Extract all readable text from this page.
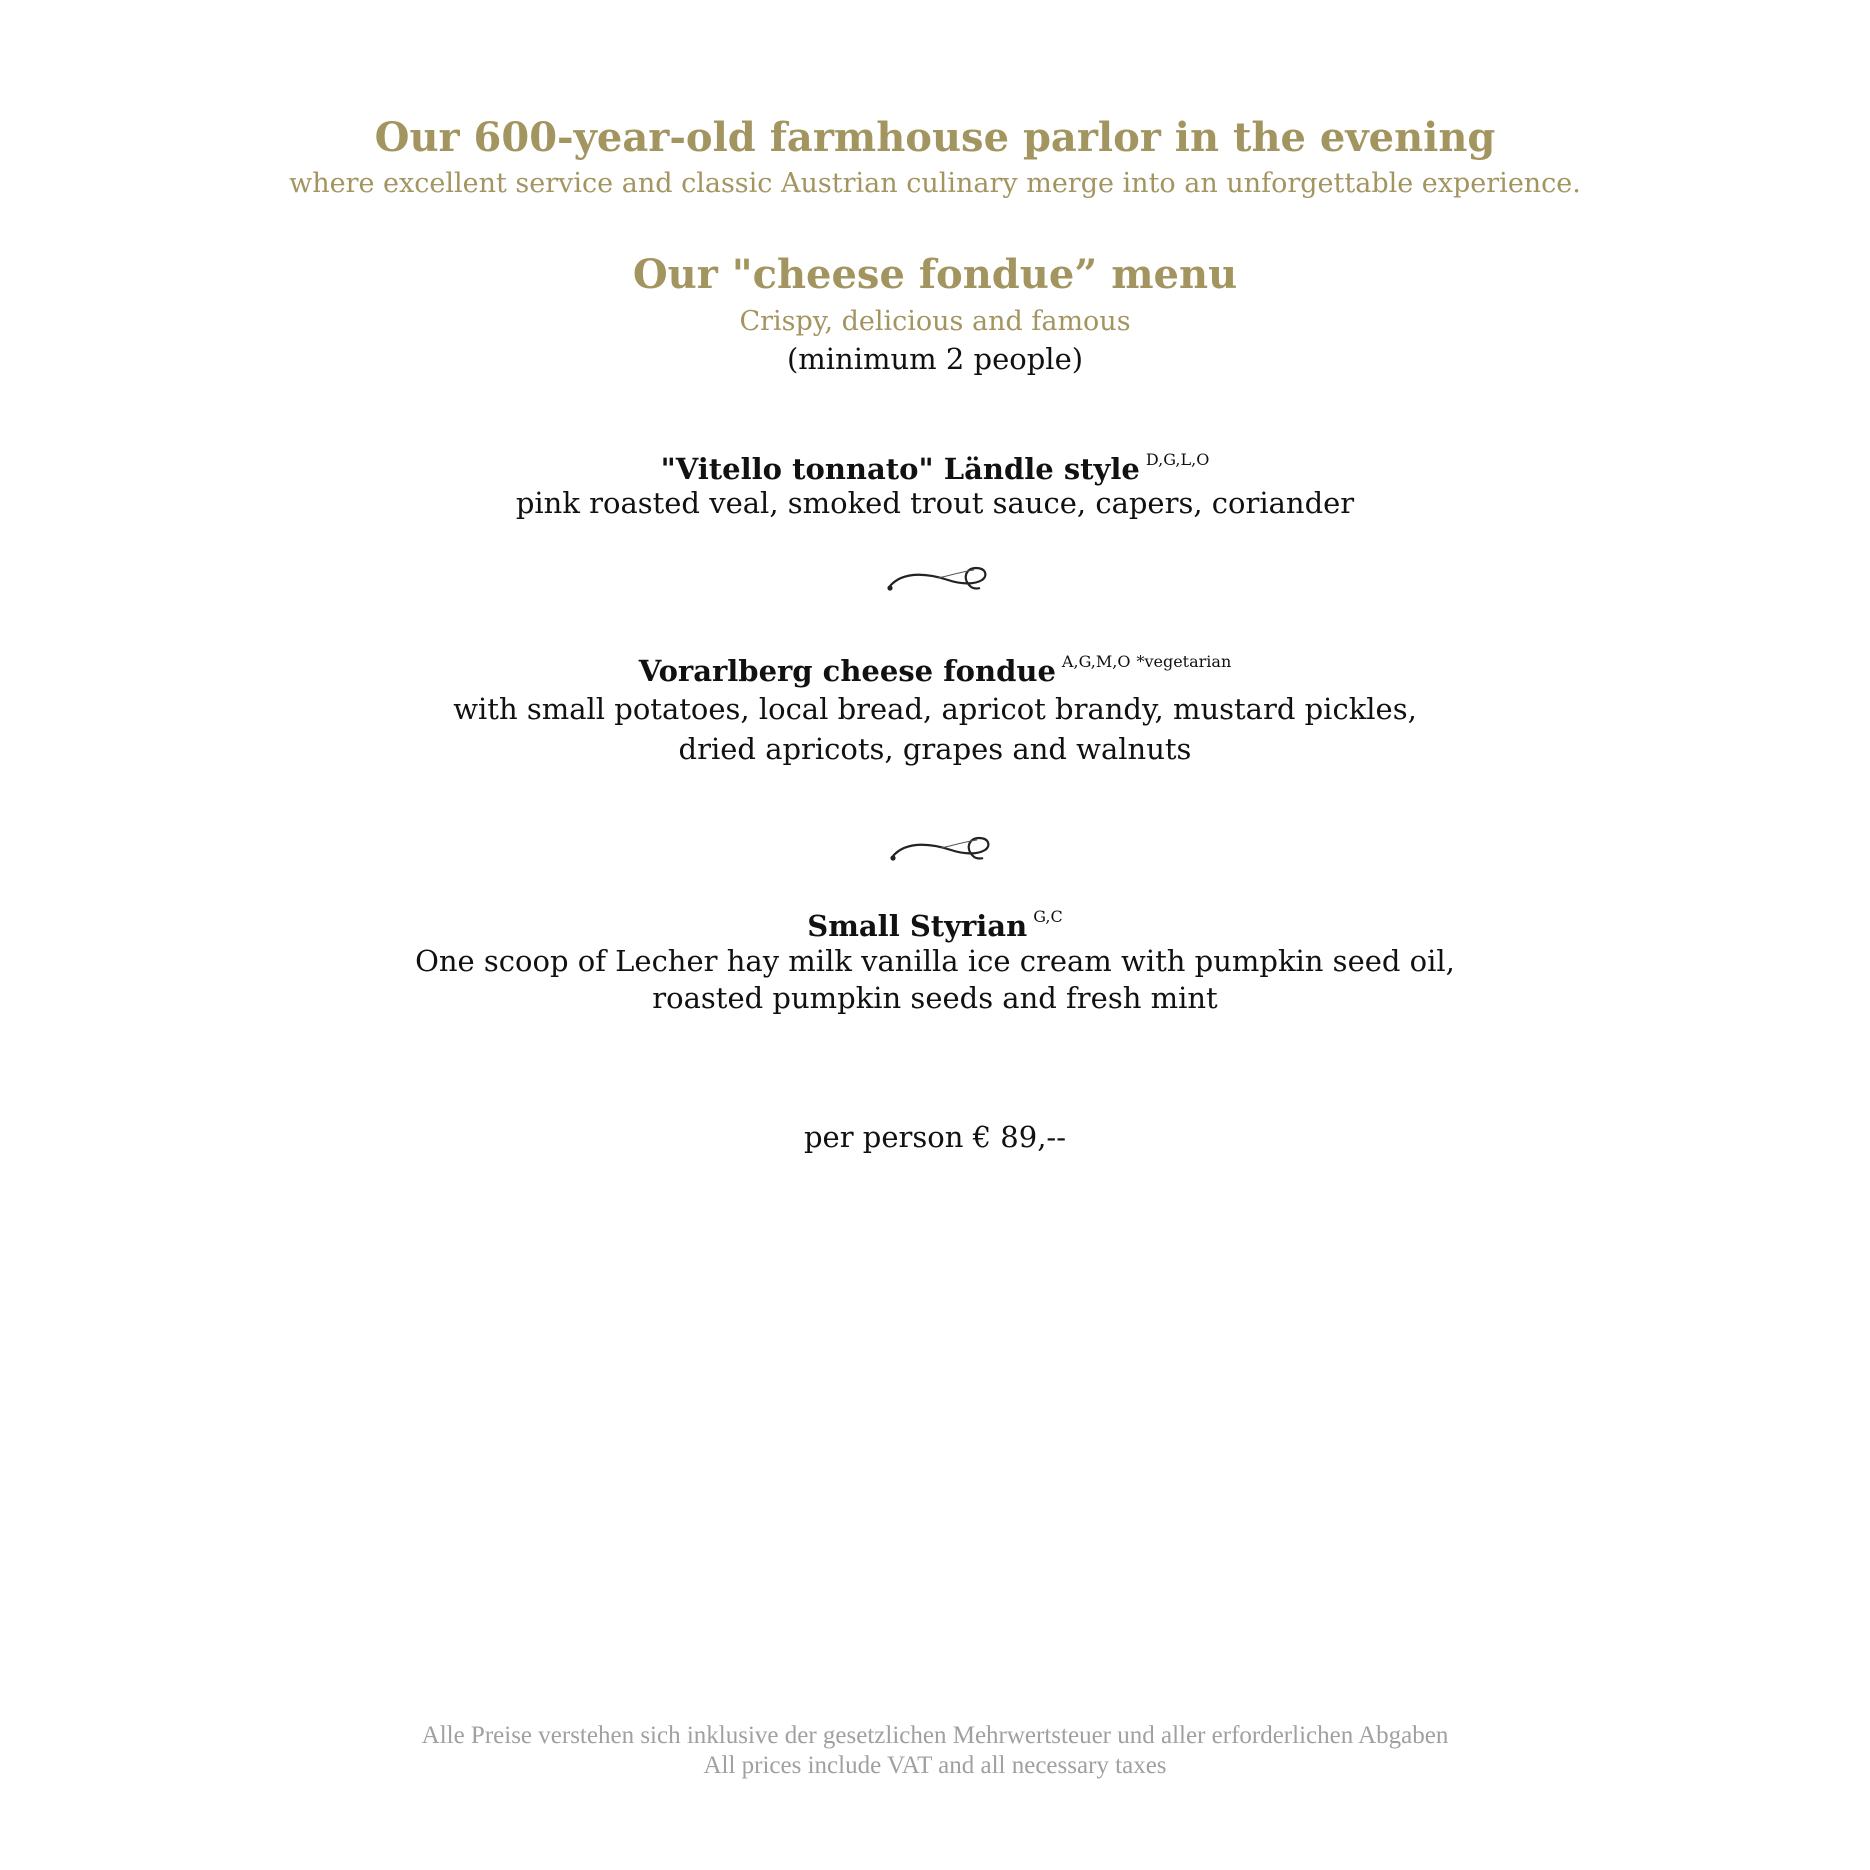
Our 600-year-old farmhouse parlor in the evening
where excellent service and classic Austrian culinary merge into an unforgettable experience.
Our "cheese fondue” menu
Crispy, delicious and famous
(minimum 2 people)
"Vitello tonnato" Ländle style $^{D,G,L,O}$
pink roasted veal, smoked trout sauce, capers, coriander
Vorarlberg cheese fondue $^{A,G,M,O}$ $^{*vegetarian}$
with small potatoes, local bread, apricot brandy, mustard pickles,
dried apricots, grapes and walnuts
Small Styrian $^{G,C}$
One scoop of Lecher hay milk vanilla ice cream with pumpkin seed oil,
roasted pumpkin seeds and fresh mint
per person € 89,--
Alle Preise verstehen sich inklusive der gesetzlichen Mehrwertsteuer und aller erforderlichen Abgaben
All prices include VAT and all necessary taxes
